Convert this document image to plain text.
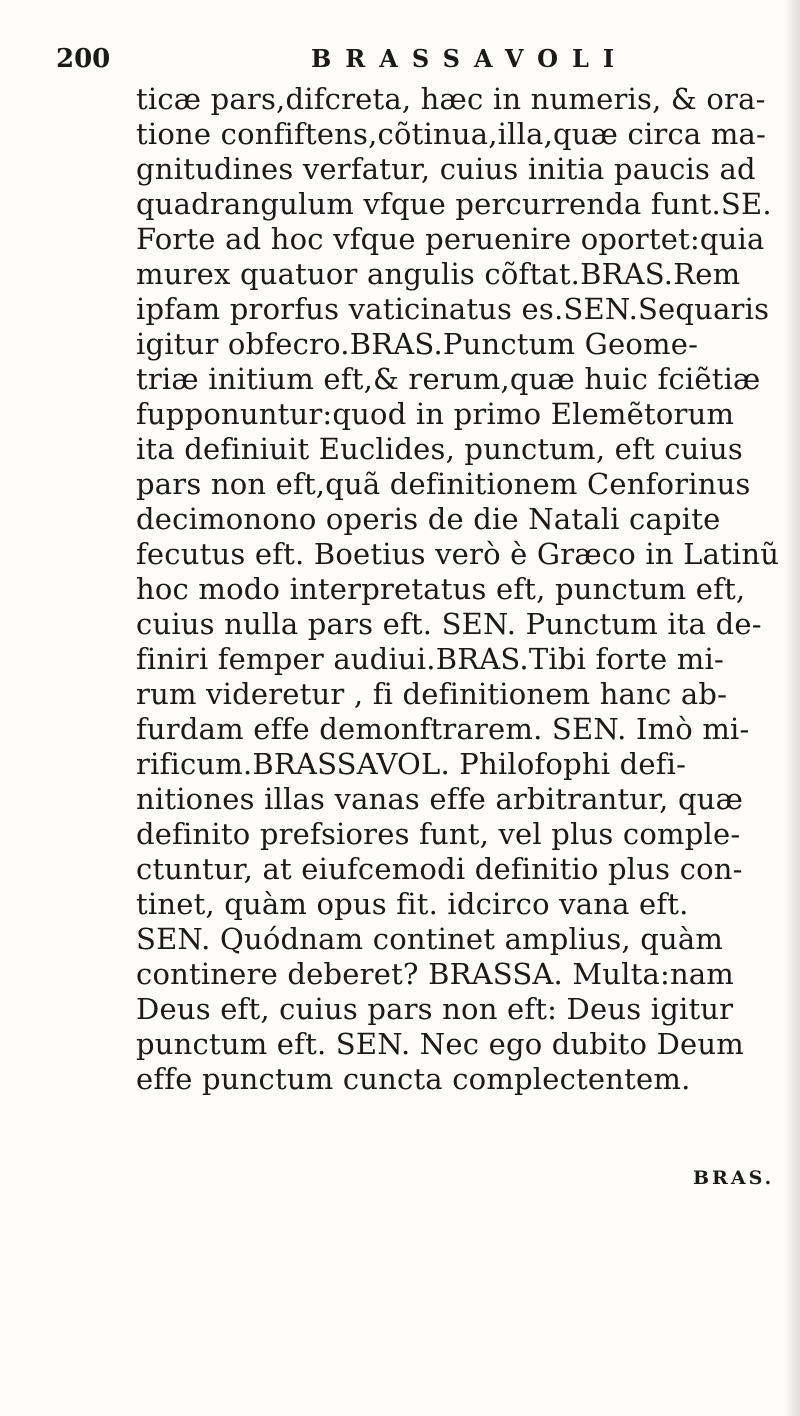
200	BRASSAVOLI
ticæ pars,difcreta, hæc in numeris, & ora-
tione confiftens,cõtinua,illa,quæ circa ma-
gnitudines verfatur, cuius initia paucis ad
quadrangulum vfque percurrenda funt.SE.
Forte ad hoc vfque peruenire oportet:quia
murex quatuor angulis cõftat.BRAS.Rem
ipfam prorfus vaticinatus es.SEN.Sequaris
igitur obfecro.BRAS.Punctum Geome-
triæ initium eft,& rerum,quæ huic fciẽtiæ
fupponuntur:quod in primo Elemẽtorum
ita definiuit Euclides, punctum, eft cuius
pars non eft,quã definitionem Cenforinus
decimonono operis de die Natali capite
fecutus eft. Boetius verò è Græco in Latinũ
hoc modo interpretatus eft, punctum eft,
cuius nulla pars eft. SEN. Punctum ita de-
finiri femper audiui.BRAS.Tibi forte mi-
rum videretur , fi definitionem hanc ab-
furdam effe demonftrarem. SEN. Imò mi-
rificum.BRASSAVOL. Philofophi defi-
nitiones illas vanas effe arbitrantur, quæ
definito prefsiores funt, vel plus comple-
ctuntur, at eiufcemodi definitio plus con-
tinet, quàm opus fit. idcirco vana eft.
SEN. Quódnam continet amplius, quàm
continere deberet? BRASSA. Multa:nam
Deus eft, cuius pars non eft: Deus igitur
punctum eft. SEN. Nec ego dubito Deum
effe punctum cuncta complectentem.
BRAS.
